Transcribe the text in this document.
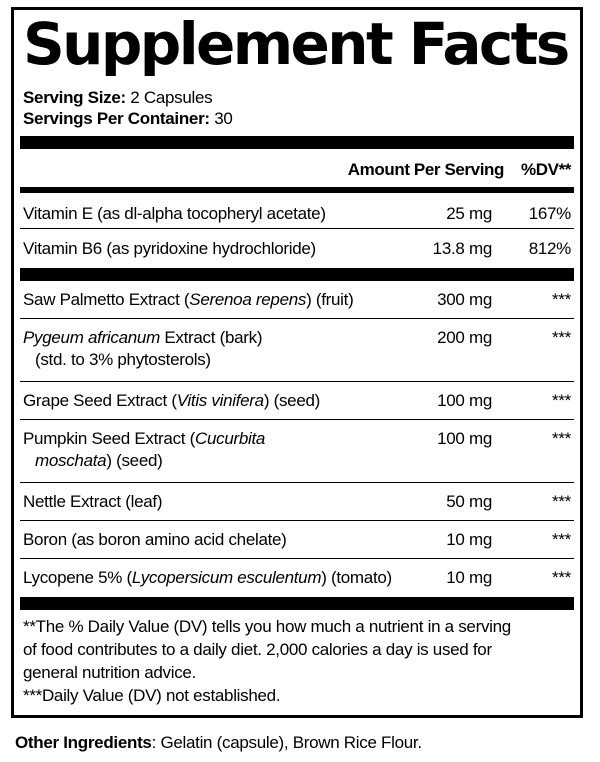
Supplement Facts
Serving Size: 2 Capsules
Servings Per Container: 30
Amount Per Serving %DV**
Vitamin E (as dl-alpha tocopheryl acetate)	25 mg 167%
Vitamin B6 (as pyridoxine hydrochloride)	13.8 mg 812%
Saw Palmetto Extract (Serenoa repens) (fruit)	300 mg	***
Pygeum africanum Extract (bark)
(std. to 3% phytosterols)
200 mg	***
Grape Seed Extract (Vitis vinifera) (seed)	100 mg	***
Pumpkin Seed Extract (Cucurbita
moschata) (seed)
100 mg	***
Nettle Extract (leaf)	50 mg	***
Boron (as boron amino acid chelate)	10 mg	***
Lycopene 5% (Lycopersicum esculentum) (tomato)	10 mg	***
**The % Daily Value (DV) tells you how much a nutrient in a serving
of food contributes to a daily diet. 2,000 calories a day is used for
general nutrition advice.
***Daily Value (DV) not established.
Other Ingredients: Gelatin (capsule), Brown Rice Flour.
